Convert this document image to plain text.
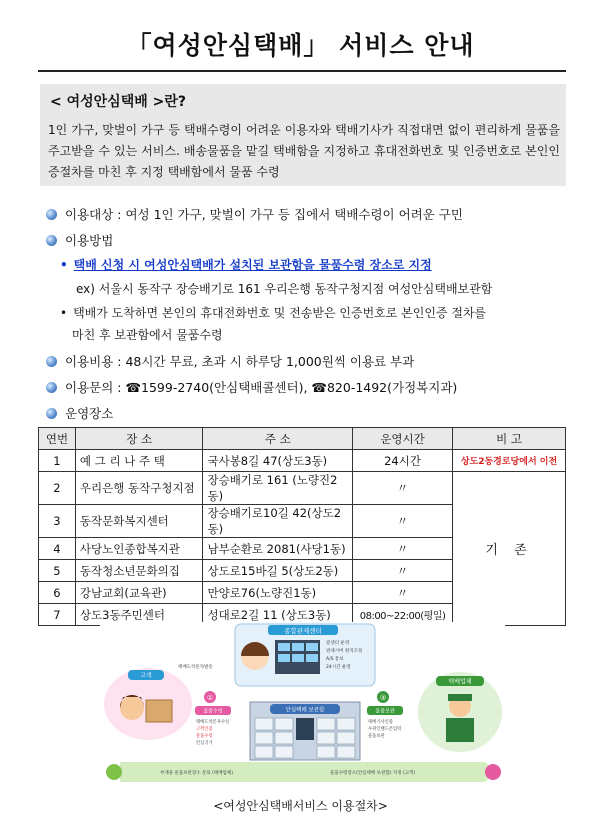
「여성안심택배」 서비스 안내
< 여성안심택배 >란?
1인 가구, 맞벌이 가구 등 택배수령이 어려운 이용자와 택배기사가 직접대면 없이 편리하게 물품을 주고받을 수 있는 서비스. 배송물품을 맡길 택배함을 지정하고 휴대전화번호 및 인증번호로 본인인증절차를 마친 후 지정 택배함에서 물품 수령
이용대상 : 여성 1인 가구, 맞벌이 가구 등 집에서 택배수령이 어려운 구민
이용방법
• 택배 신청 시 여성안심택배가 설치된 보관함을 물품수령 장소로 지정
ex) 서울시 동작구 장승배기로 161 우리은행 동작구청지점 여성안심택배보관함
• 택배가 도착하면 본인의 휴대전화번호 및 전송받은 인증번호로 본인인증 절차를
마친 후 보관함에서 물품수령
이용비용 : 48시간 무료, 초과 시 하루당 1,000원씩 이용료 부과
이용문의 : ☎1599-2740(안심택배콜센터), ☎820-1492(가정복지과)
운영장소
연번	장 소	주 소	운영시간	비 고
1	예 그 리 나 주 택	국사봉8길 47(상도3동)	24시간	상도2동경로당에서 이전
2	우리은행 동작구청지점	장승배기로 161 (노량진2동)	〃	기 존
3	동작문화복지센터	장승배기로10길 42(상도2동)	〃	
4	사당노인종합복지관	남부순환로 2081(사당1동)	〃	
5	동작청소년문화의집	상도로15바길 5(상도2동)	〃	
6	강남교회(교육관)	만양로76(노량진1동)	〃	
7	상도3동주민센터	성대로2길 11 (상도3동)	08:00~22:00(평일)	
종합관제센터
콜센터 운영
관제시버 원격조정
A/S 통보
24시간 운영
택배도착문자발송
고객
①
물품수령
택배도착문자수신
고객인증
물품수령
안심귀가
안심택배 보관함
③
물품보관
택배기사인증
수취인핸드폰입력
물품보관
택배업체
부재중 물품보관장소 문의 (택배업체)	물품수령장소(안심택배 보관함) 지정 (고객)
<여성안심택배서비스 이용절차>
